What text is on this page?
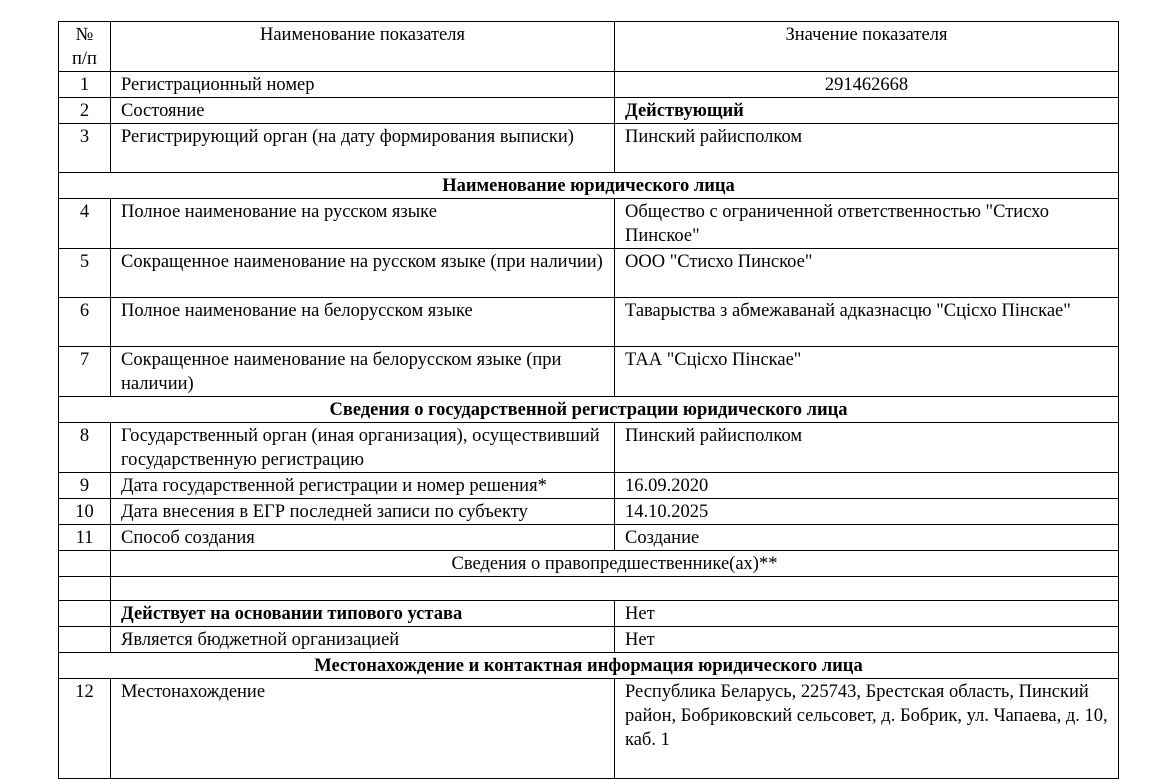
№
п/п	Наименование показателя	Значение показателя
1	Регистрационный номер	291462668
2	Состояние	Действующий
3	Регистрирующий орган (на дату формирования выписки)	Пинский райисполком
Наименование юридического лица		
4	Полное наименование на русском языке	Общество с ограниченной ответственностью "Стисхо Пинское"
5	Сокращенное наименование на русском языке (при наличии)	ООО "Стисхо Пинское"
6	Полное наименование на белорусском языке	Таварыства з абмежаванай адказнасцю "Сцісхо Пінскае"
7	Сокращенное наименование на белорусском языке (при наличии)	ТАА "Сцісхо Пінскае"
Сведения о государственной регистрации юридического лица		
8	Государственный орган (иная организация), осуществивший государственную регистрацию	Пинский райисполком
9	Дата государственной регистрации и номер решения*	16.09.2020
10	Дата внесения в ЕГР последней записи по субъекту	14.10.2025
11	Способ создания	Создание
	Сведения о правопредшественнике(ах)**	

	Действует на основании типового устава	Нет
	Является бюджетной организацией	Нет
Местонахождение и контактная информация юридического лица		
12	Местонахождение	Республика Беларусь, 225743, Брестская область, Пинский район, Бобриковский сельсовет, д. Бобрик, ул. Чапаева, д. 10, каб. 1
